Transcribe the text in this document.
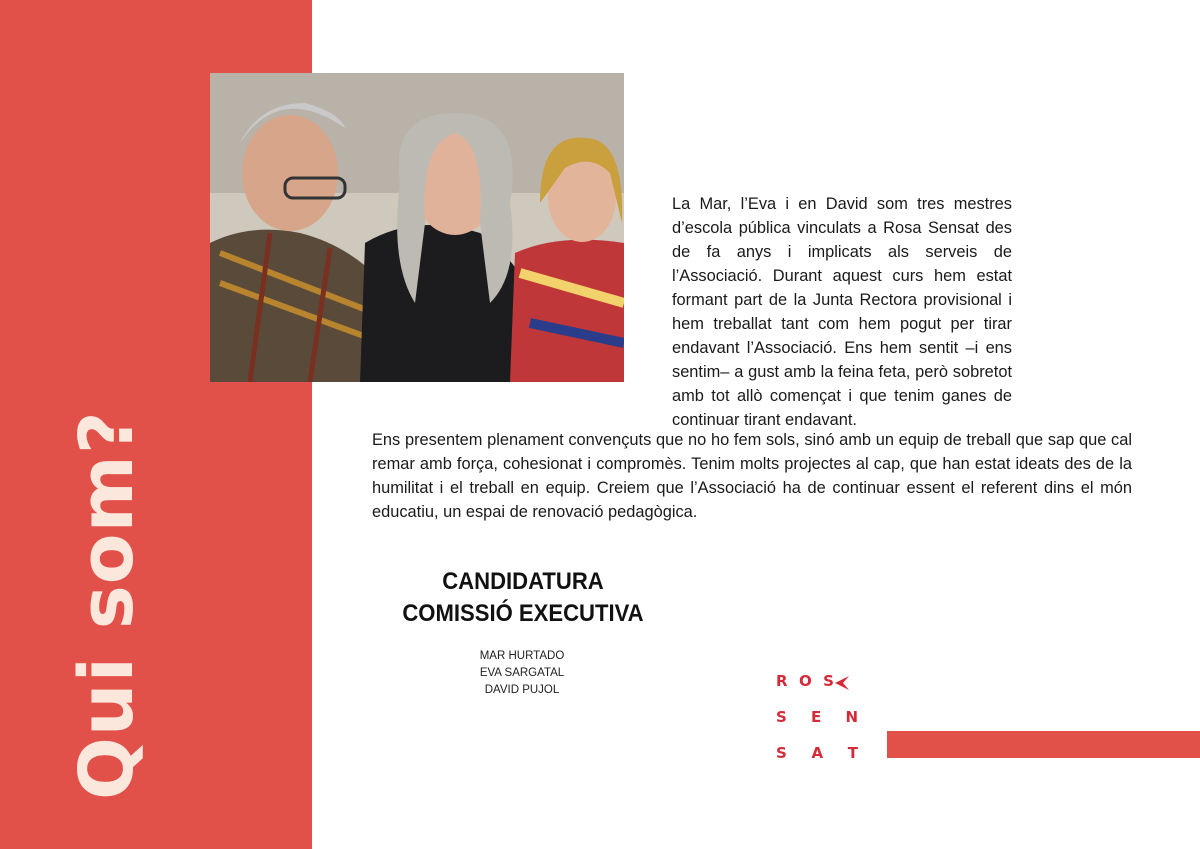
Qui som?

La Mar, l’Eva i en David som tres mestres d’escola pública vinculats a Rosa Sensat des de fa anys i implicats als serveis de l’Associació. Durant aquest curs hem estat formant part de la Junta Rectora provisional i hem treballat tant com hem pogut per tirar endavant l’Associació. Ens hem sentit –i ens sentim– a gust amb la feina feta, però sobretot amb tot allò començat i que tenim ganes de continuar tirant endavant.

Ens presentem plenament convençuts que no ho fem sols, sinó amb un equip de treball que sap que cal remar amb força, cohesionat i compromès. Tenim molts projectes al cap, que han estat ideats des de la humilitat i el treball en equip. Creiem que l’Associació ha de continuar essent el referent dins el món educatiu, un espai de renovació pedagògica.

CANDIDATURA
COMISSIÓ EXECUTIVA
MAR HURTADO
EVA SARGATAL
DAVID PUJOL	R O S
S E N
S A T
